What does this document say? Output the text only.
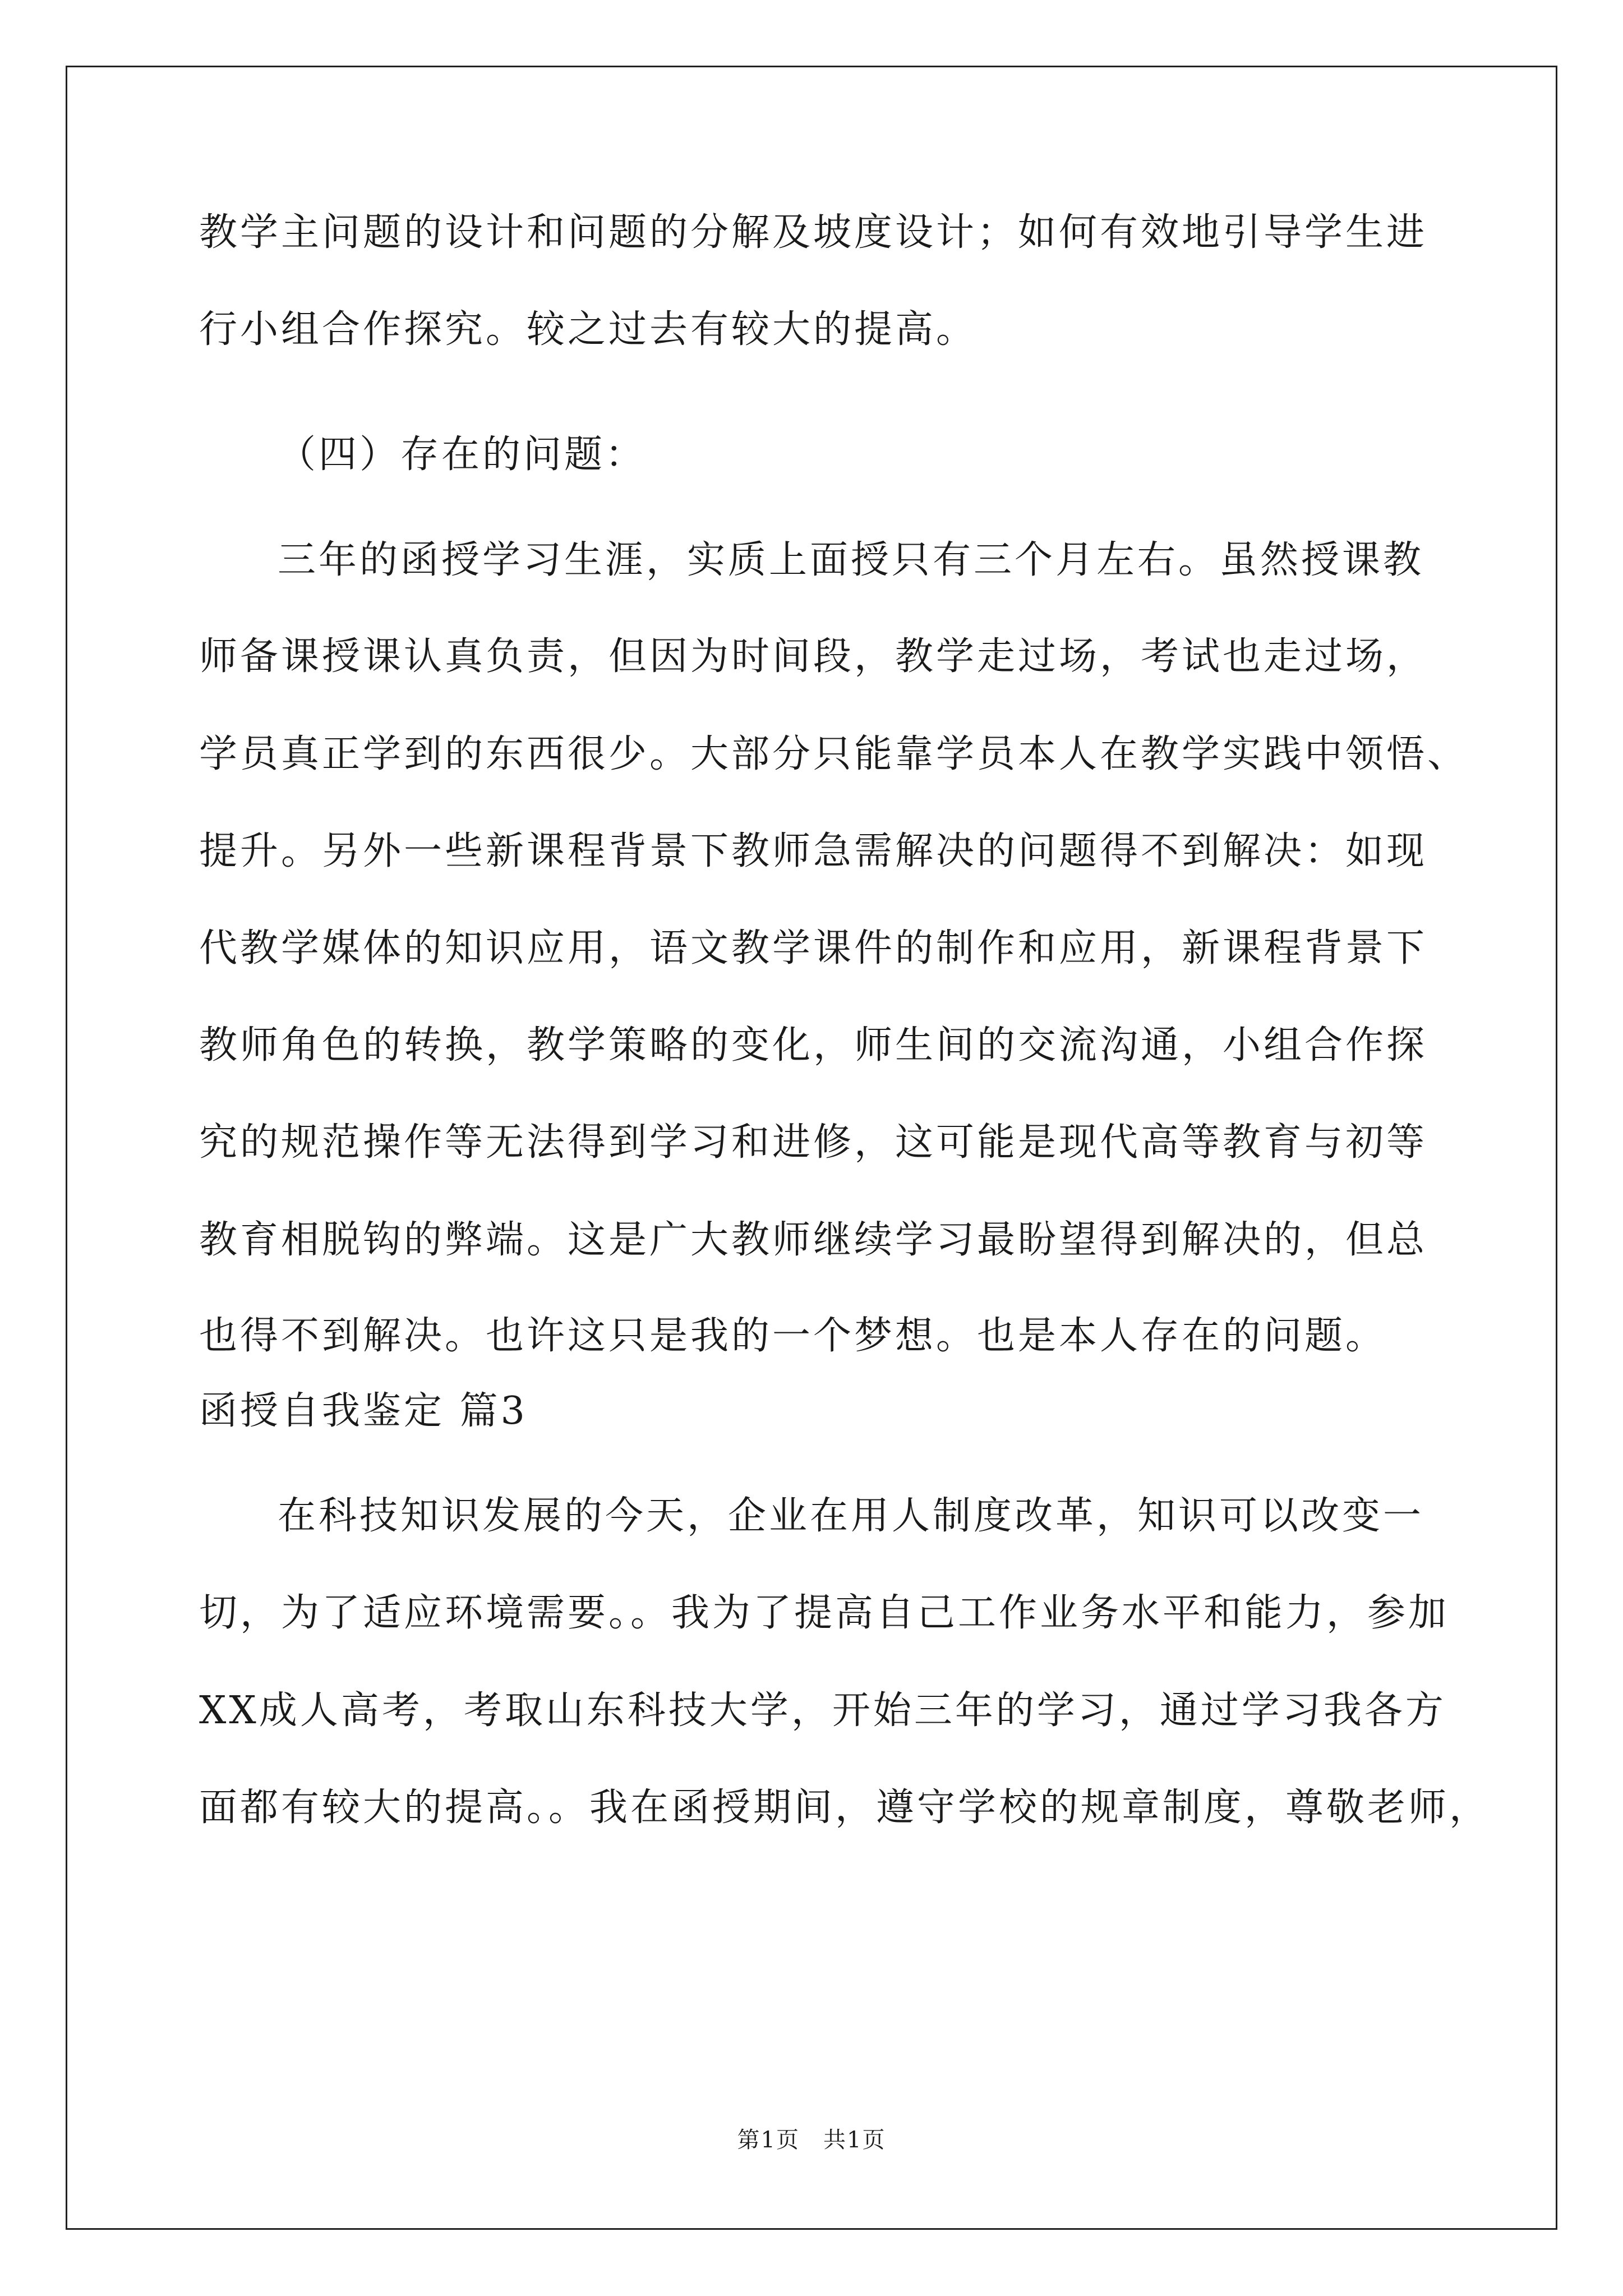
教学主问题的设计和问题的分解及坡度设计；如何有效地引导学生进
行小组合作探究。较之过去有较大的提高。
（四）存在的问题：
三年的函授学习生涯，实质上面授只有三个月左右。虽然授课教
师备课授课认真负责，但因为时间段，教学走过场，考试也走过场，
学员真正学到的东西很少。大部分只能靠学员本人在教学实践中领悟、
提升。另外一些新课程背景下教师急需解决的问题得不到解决：如现
代教学媒体的知识应用，语文教学课件的制作和应用，新课程背景下
教师角色的转换，教学策略的变化，师生间的交流沟通，小组合作探
究的规范操作等无法得到学习和进修，这可能是现代高等教育与初等
教育相脱钩的弊端。这是广大教师继续学习最盼望得到解决的，但总
也得不到解决。也许这只是我的一个梦想。也是本人存在的问题。
函授自我鉴定 篇3
在科技知识发展的今天，企业在用人制度改革，知识可以改变一
切，为了适应环境需要。。我为了提高自己工作业务水平和能力，参加
XX成人高考，考取山东科技大学，开始三年的学习，通过学习我各方
面都有较大的提高。。我在函授期间，遵守学校的规章制度，尊敬老师，
第1页　共1页
